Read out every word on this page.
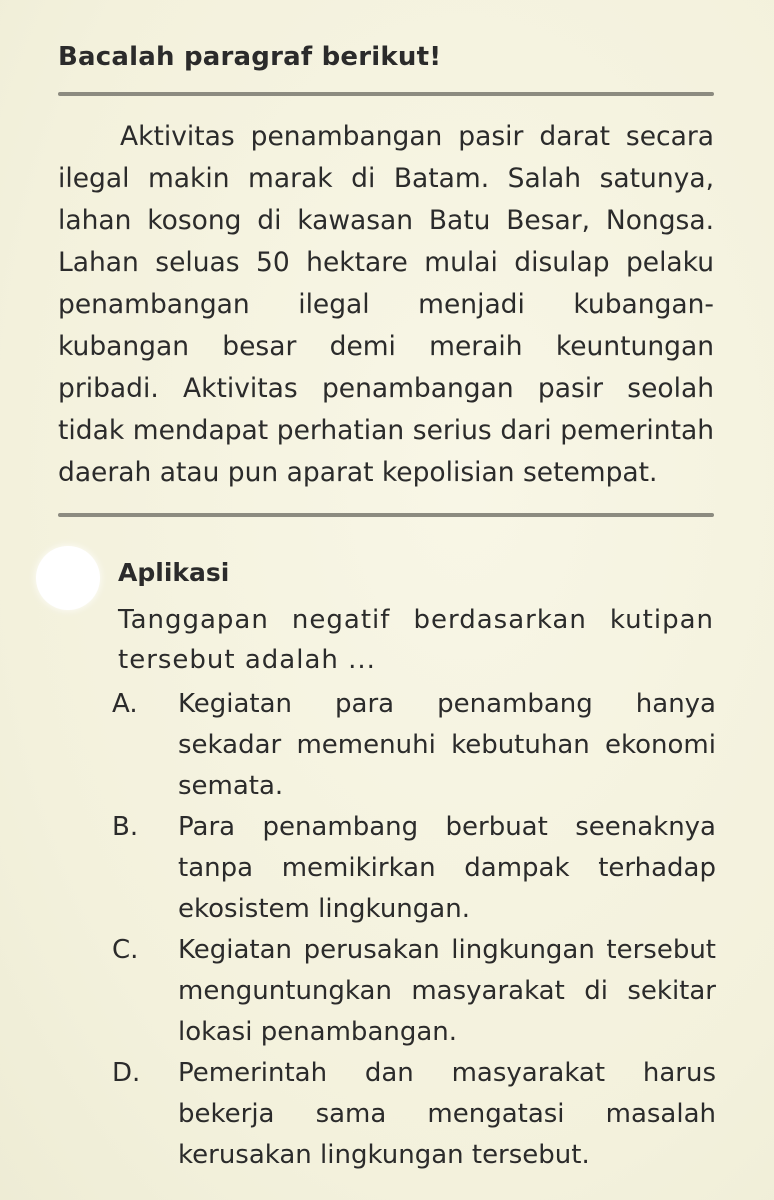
Bacalah paragraf berikut!
Aktivitas penambangan pasir darat secara ilegal makin marak di Batam. Salah satunya, lahan kosong di kawasan Batu Besar, Nongsa. Lahan seluas 50 hektare mulai disulap pelaku penambangan ilegal menjadi kubangan-kubangan besar demi meraih keuntungan pribadi. Aktivitas penambangan pasir seolah tidak mendapat perhatian serius dari pemerintah daerah atau pun aparat kepolisian setempat.
Aplikasi
Tanggapan negatif berdasarkan kutipan tersebut adalah ...
A.	Kegiatan para penambang hanya sekadar memenuhi kebutuhan ekonomi semata.
B.	Para penambang berbuat seenaknya tanpa memikirkan dampak terhadap ekosistem lingkungan.
C.	Kegiatan perusakan lingkungan tersebut menguntungkan masyarakat di sekitar lokasi penambangan.
D.	Pemerintah dan masyarakat harus bekerja sama mengatasi masalah kerusakan lingkungan tersebut.
